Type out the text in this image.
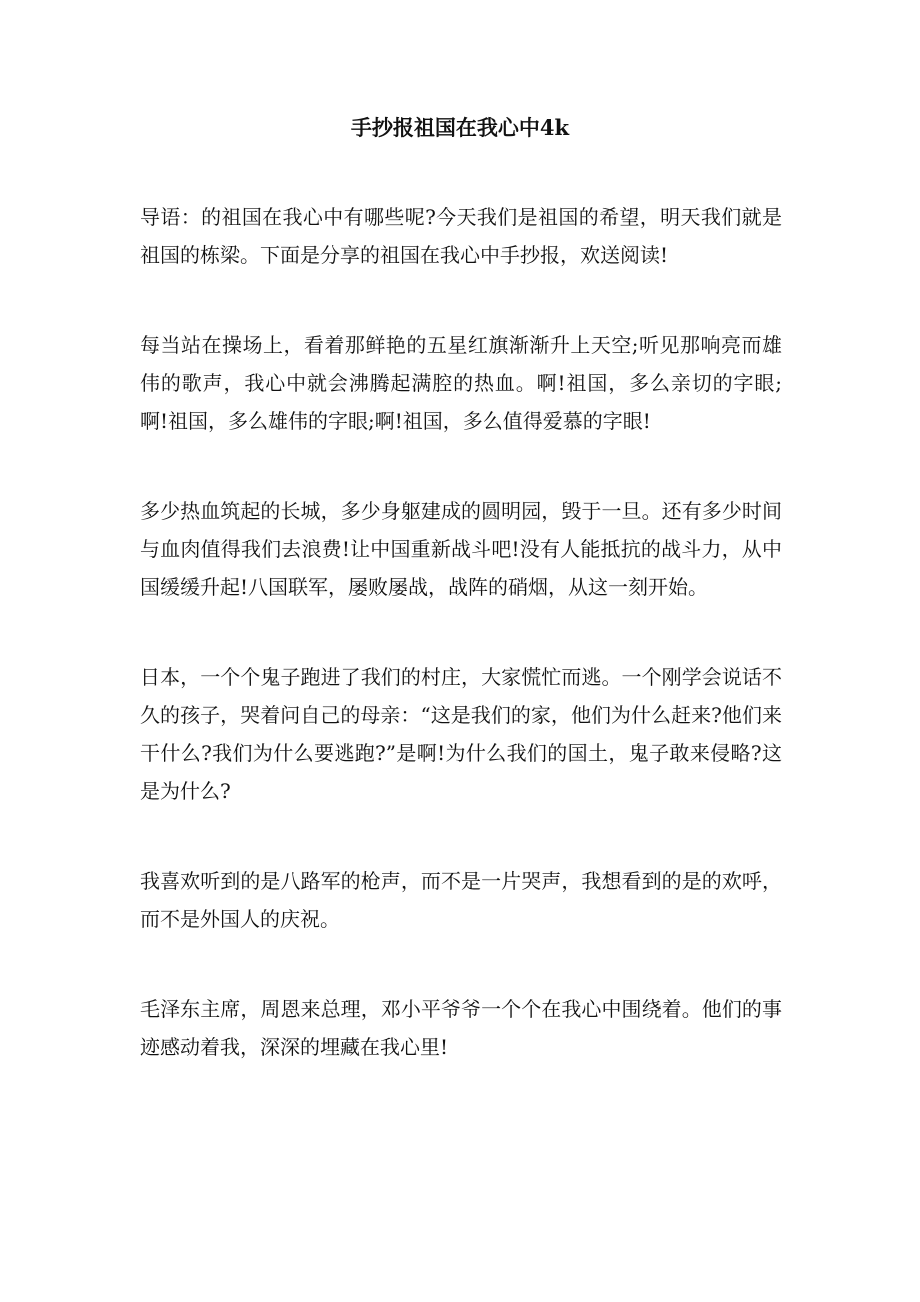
手抄报祖国在我心中4k

导语：的祖国在我心中有哪些呢?今天我们是祖国的希望，明天我们就是祖国的栋梁。下面是分享的祖国在我心中手抄报，欢送阅读!

每当站在操场上，看着那鲜艳的五星红旗渐渐升上天空;听见那响亮而雄伟的歌声，我心中就会沸腾起满腔的热血。啊!祖国，多么亲切的字眼;啊!祖国，多么雄伟的字眼;啊!祖国，多么值得爱慕的字眼!

多少热血筑起的长城，多少身躯建成的圆明园，毁于一旦。还有多少时间与血肉值得我们去浪费!让中国重新战斗吧!没有人能抵抗的战斗力，从中国缓缓升起!八国联军，屡败屡战，战阵的硝烟，从这一刻开始。

日本，一个个鬼子跑进了我们的村庄，大家慌忙而逃。一个刚学会说话不久的孩子，哭着问自己的母亲：“这是我们的家，他们为什么赶来?他们来干什么?我们为什么要逃跑?”是啊!为什么我们的国土，鬼子敢来侵略?这是为什么?

我喜欢听到的是八路军的枪声，而不是一片哭声，我想看到的是的欢呼，而不是外国人的庆祝。

毛泽东主席，周恩来总理，邓小平爷爷一个个在我心中围绕着。他们的事迹感动着我，深深的埋藏在我心里!
